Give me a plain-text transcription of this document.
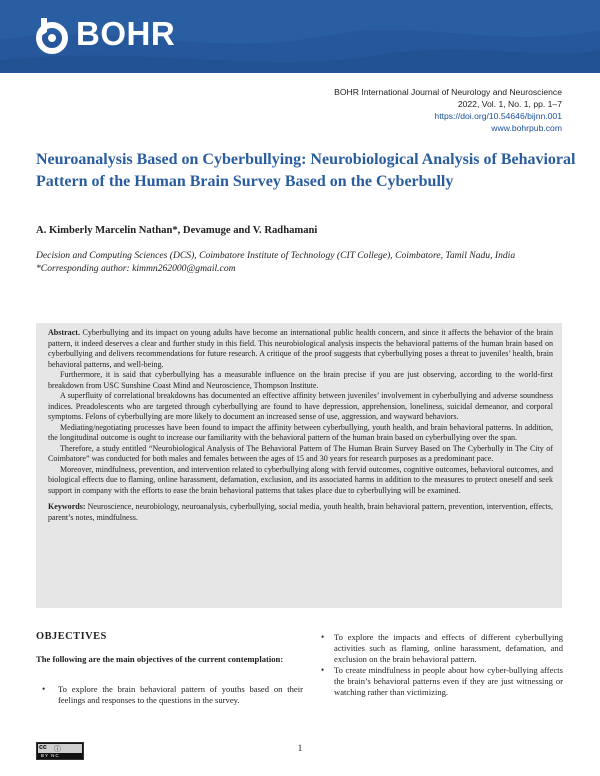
BOHR
BOHR International Journal of Neurology and Neuroscience
2022, Vol. 1, No. 1, pp. 1–7
https://doi.org/10.54646/bijnn.001
www.bohrpub.com
Neuroanalysis Based on Cyberbullying: Neurobiological Analysis of Behavioral Pattern of the Human Brain Survey Based on the Cyberbully
A. Kimberly Marcelin Nathan*, Devamuge and V. Radhamani
Decision and Computing Sciences (DCS), Coimbatore Institute of Technology (CIT College), Coimbatore, Tamil Nadu, India
*Corresponding author: kimmn262000@gmail.com

Abstract. Cyberbullying and its impact on young adults have become an international public health concern, and since it affects the behavior of the brain pattern, it indeed deserves a clear and further study in this field. This neurobiological analysis inspects the behavioral patterns of the human brain based on cyberbullying and delivers recommendations for future research. A critique of the proof suggests that cyberbullying poses a threat to juveniles’ health, brain behavioral patterns, and well-being.

Furthermore, it is said that cyberbullying has a measurable influence on the brain precise if you are just observing, according to the world-first breakdown from USC Sunshine Coast Mind and Neuroscience, Thompson Institute.

A superfluity of correlational breakdowns has documented an effective affinity between juveniles’ involvement in cyberbullying and adverse soundness indices. Preadolescents who are targeted through cyberbullying are found to have depression, apprehension, loneliness, suicidal demeanor, and corporal symptoms. Felons of cyberbullying are more likely to document an increased sense of use, aggression, and wayward behaviors.

Mediating/negotiating processes have been found to impact the affinity between cyberbullying, youth health, and brain behavioral patterns. In addition, the longitudinal outcome is ought to increase our familiarity with the behavioral pattern of the human brain based on cyberbullying over the span.

Therefore, a study entitled “Neurobiological Analysis of The Behavioral Pattern of The Human Brain Survey Based on The Cyberbully in The City of Coimbatore” was conducted for both males and females between the ages of 15 and 30 years for research purposes as a predominant pace.

Moreover, mindfulness, prevention, and intervention related to cyberbullying along with fervid outcomes, cognitive outcomes, behavioral outcomes, and biological effects due to flaming, online harassment, defamation, exclusion, and its associated harms in addition to the measures to protect oneself and seek support in company with the efforts to ease the brain behavioral patterns that takes place due to cyberbullying will be examined.

Keywords: Neuroscience, neurobiology, neuroanalysis, cyberbullying, social media, youth health, brain behavioral pattern, prevention, intervention, effects, parent’s notes, mindfulness.

OBJECTIVES
The following are the main objectives of the current contemplation:
• To explore the brain behavioral pattern of youths based on their feelings and responses to the questions in the survey.
• To explore the impacts and effects of different cyberbullying activities such as flaming, online harassment, defamation, and exclusion on the brain behavioral pattern.
• To create mindfulness in people about how cyber-bullying affects the brain’s behavioral patterns even if they are just witnessing or watching rather than victimizing.
cc ⓘ
BY NC
1
